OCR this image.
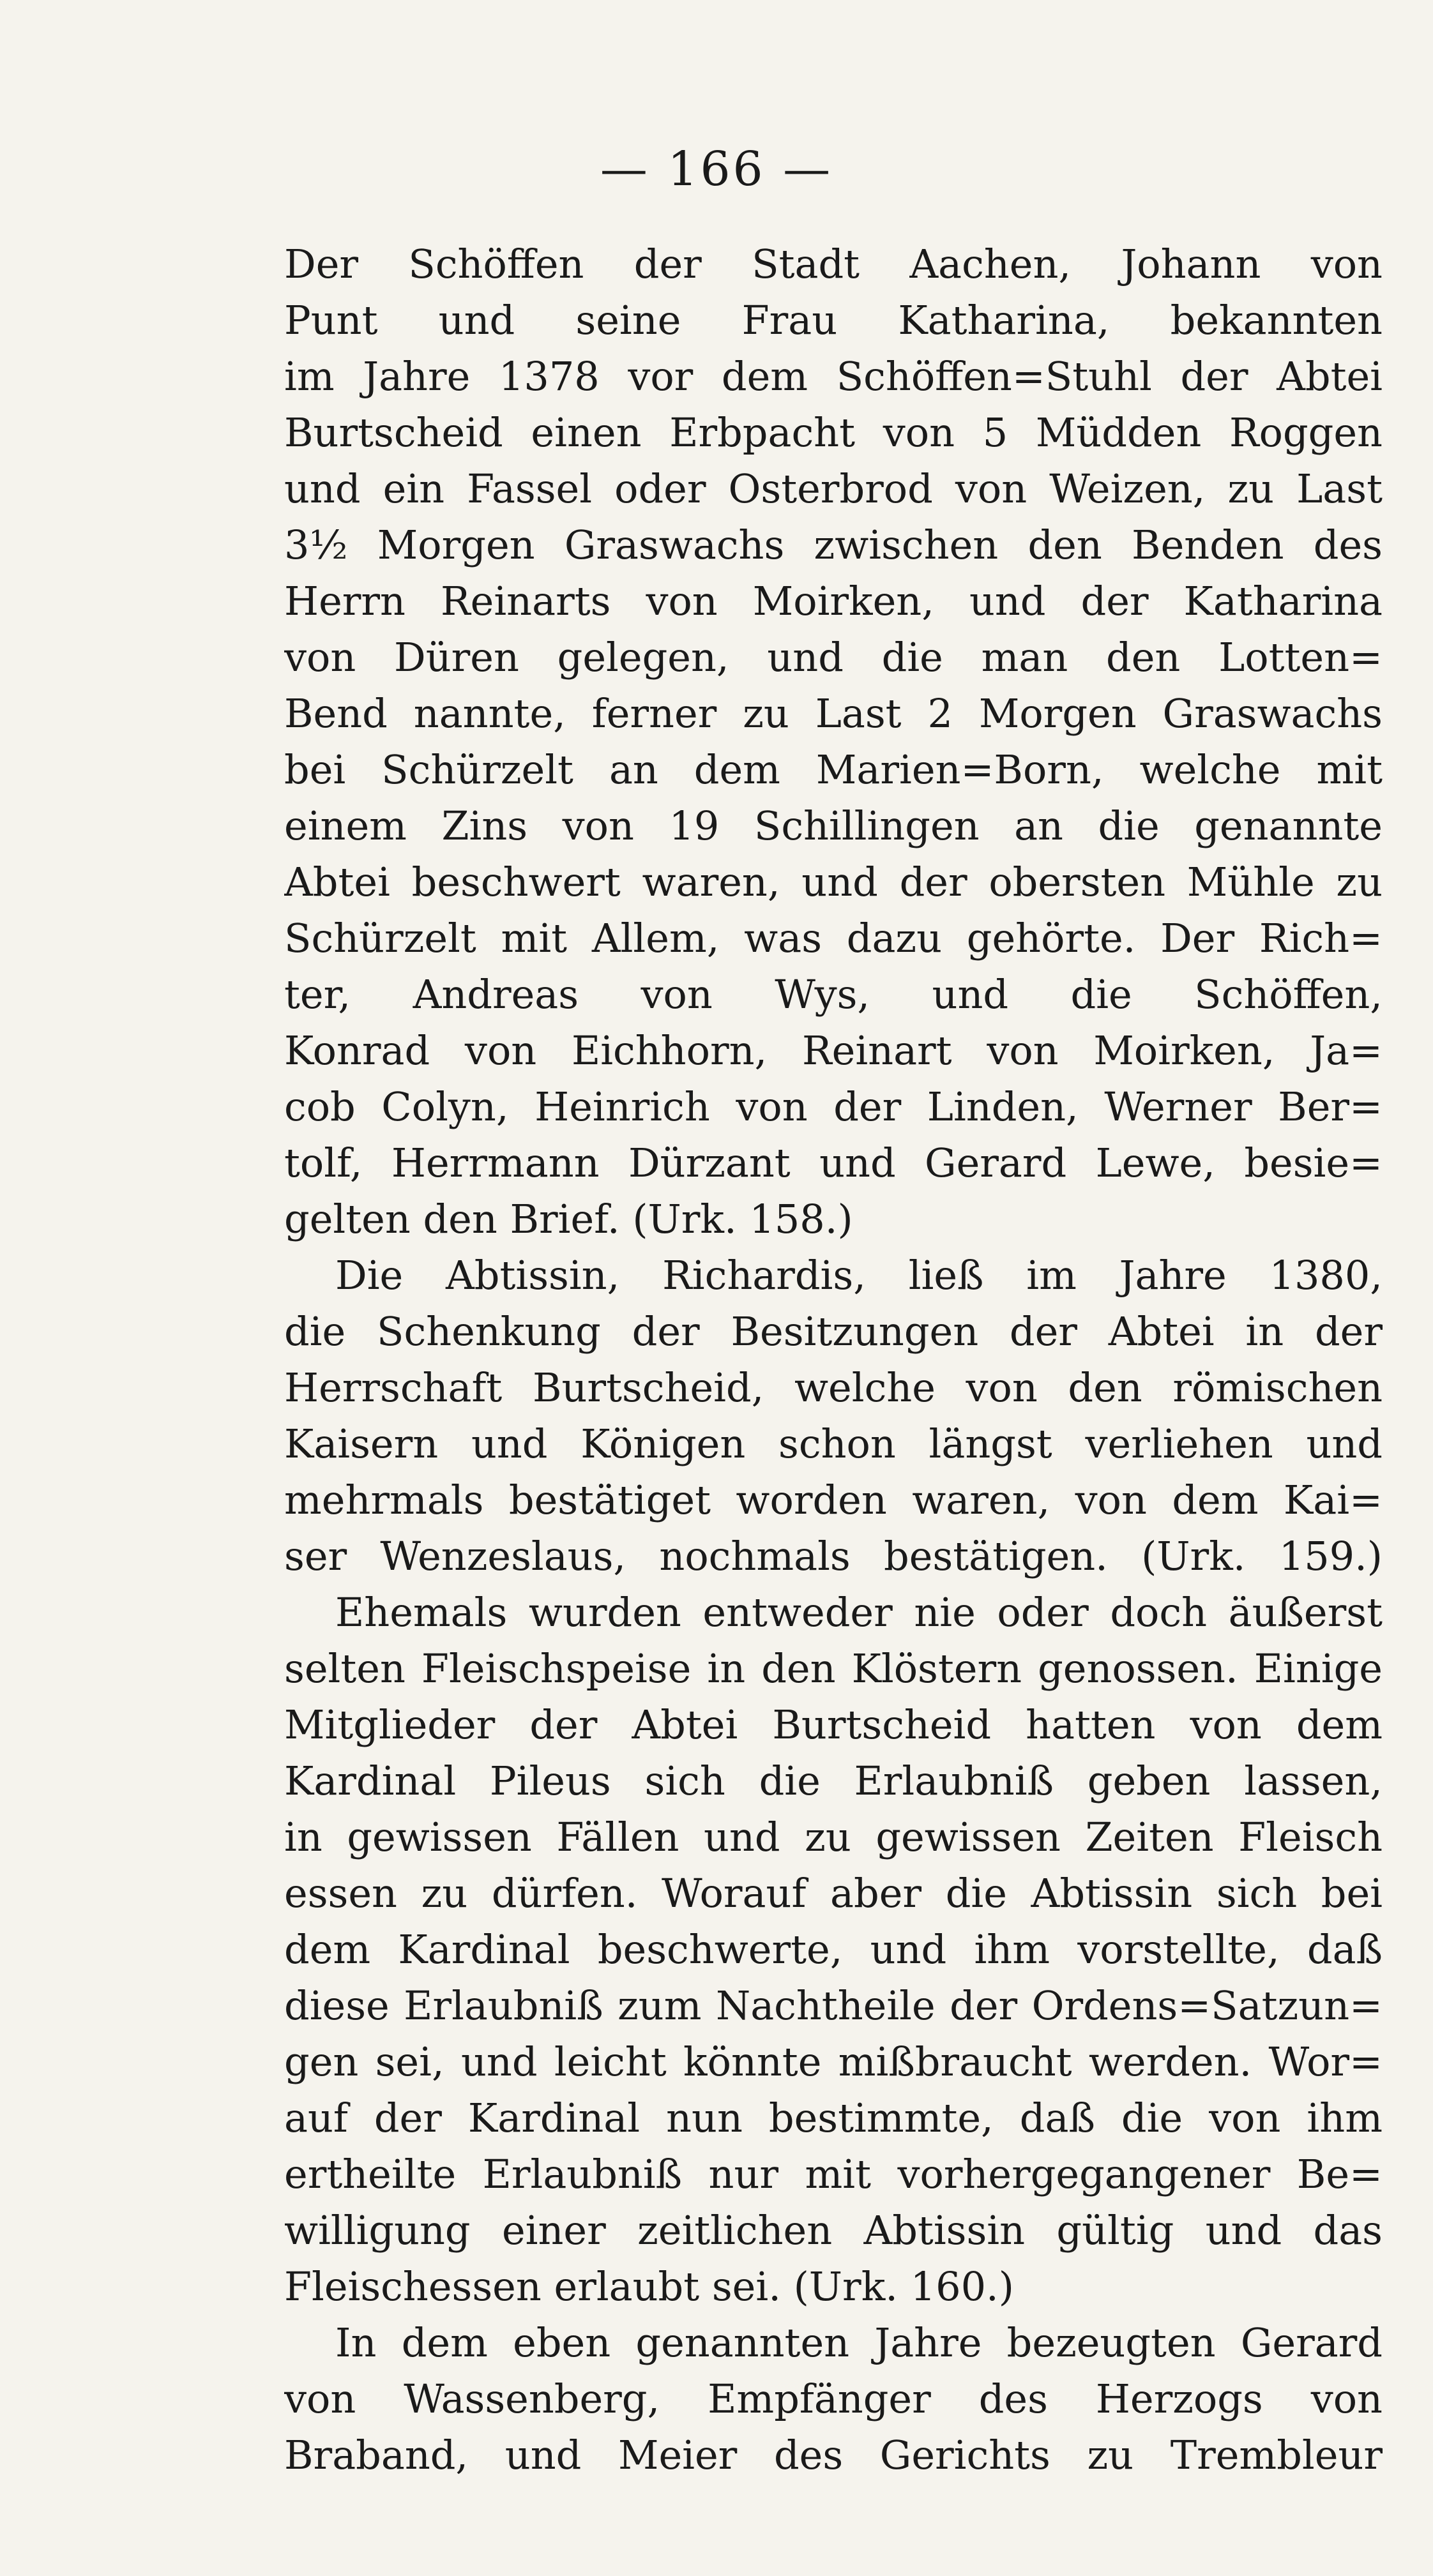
— 166 —
Der Schöffen der Stadt Aachen, Johann von
Punt und seine Frau Katharina, bekannten
im Jahre 1378 vor dem Schöffen=Stuhl der Abtei
Burtscheid einen Erbpacht von 5 Müdden Roggen
und ein Fassel oder Osterbrod von Weizen, zu Last
3½ Morgen Graswachs zwischen den Benden des
Herrn Reinarts von Moirken, und der Katharina
von Düren gelegen, und die man den Lotten=
Bend nannte, ferner zu Last 2 Morgen Graswachs
bei Schürzelt an dem Marien=Born, welche mit
einem Zins von 19 Schillingen an die genannte
Abtei beschwert waren, und der obersten Mühle zu
Schürzelt mit Allem, was dazu gehörte. Der Rich=
ter, Andreas von Wys, und die Schöffen,
Konrad von Eichhorn, Reinart von Moirken, Ja=
cob Colyn, Heinrich von der Linden, Werner Ber=
tolf, Herrmann Dürzant und Gerard Lewe, besie=
gelten den Brief. (Urk. 158.)
Die Abtissin, Richardis, ließ im Jahre 1380,
die Schenkung der Besitzungen der Abtei in der
Herrschaft Burtscheid, welche von den römischen
Kaisern und Königen schon längst verliehen und
mehrmals bestätiget worden waren, von dem Kai=
ser Wenzeslaus, nochmals bestätigen. (Urk. 159.)
Ehemals wurden entweder nie oder doch äußerst
selten Fleischspeise in den Klöstern genossen. Einige
Mitglieder der Abtei Burtscheid hatten von dem
Kardinal Pileus sich die Erlaubniß geben lassen,
in gewissen Fällen und zu gewissen Zeiten Fleisch
essen zu dürfen. Worauf aber die Abtissin sich bei
dem Kardinal beschwerte, und ihm vorstellte, daß
diese Erlaubniß zum Nachtheile der Ordens=Satzun=
gen sei, und leicht könnte mißbraucht werden. Wor=
auf der Kardinal nun bestimmte, daß die von ihm
ertheilte Erlaubniß nur mit vorhergegangener Be=
willigung einer zeitlichen Abtissin gültig und das
Fleischessen erlaubt sei. (Urk. 160.)
In dem eben genannten Jahre bezeugten Gerard
von Wassenberg, Empfänger des Herzogs von
Braband, und Meier des Gerichts zu Trembleur
